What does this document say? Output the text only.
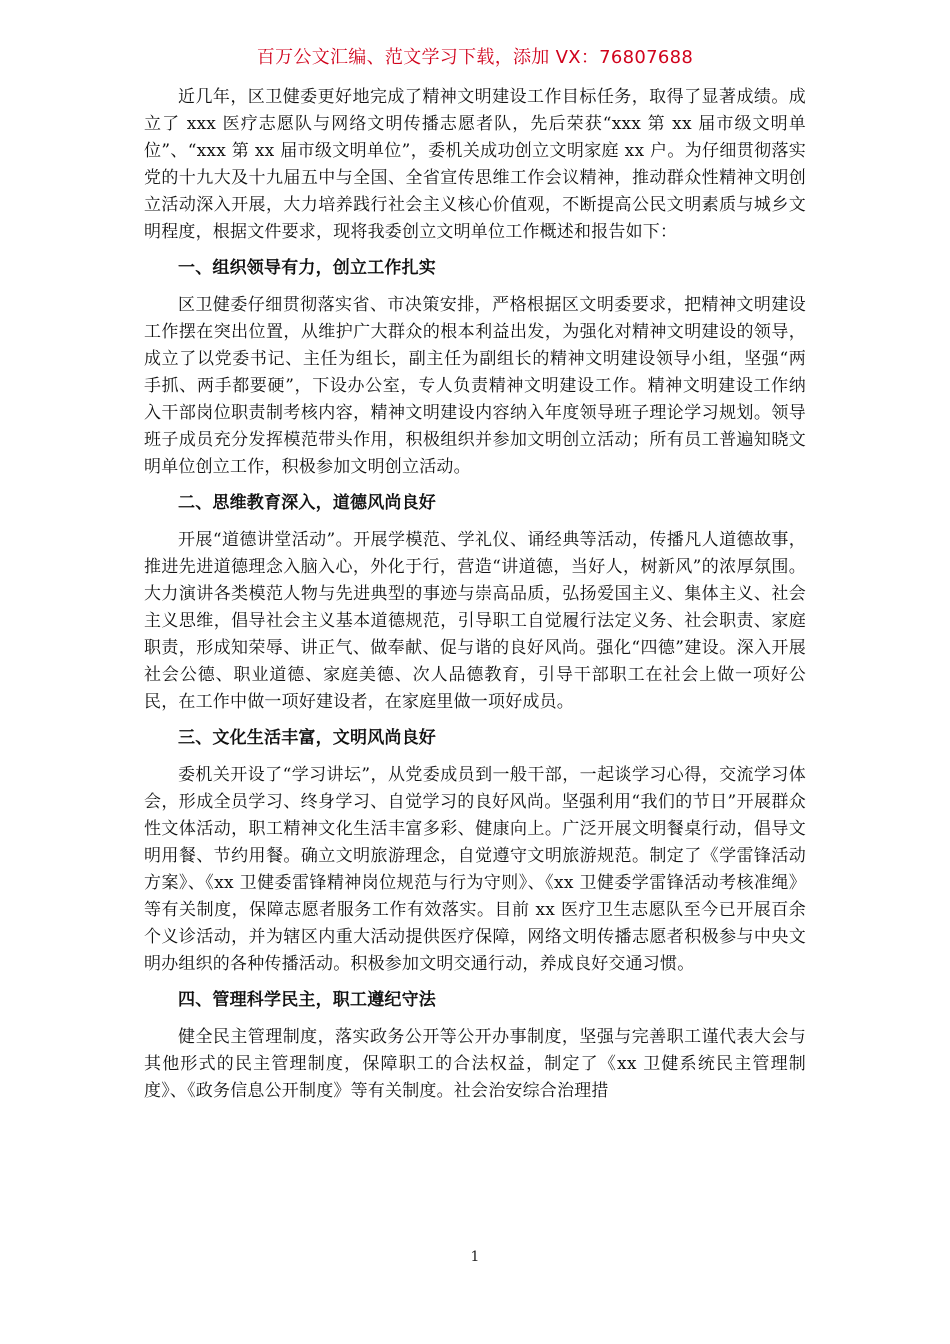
百万公文汇编、范文学习下载，添加 VX：76807688

近几年，区卫健委更好地完成了精神文明建设工作目标任务，取得了显著成绩。成立了 xxx 医疗志愿队与网络文明传播志愿者队，先后荣获“xxx 第 xx 届市级文明单位”、“xxx 第 xx 届市级文明单位”，委机关成功创立文明家庭 xx 户。为仔细贯彻落实党的十九大及十九届五中与全国、全省宣传思维工作会议精神，推动群众性精神文明创立活动深入开展，大力培养践行社会主义核心价值观，不断提高公民文明素质与城乡文明程度，根据文件要求，现将我委创立文明单位工作概述和报告如下：

一、组织领导有力，创立工作扎实

区卫健委仔细贯彻落实省、市决策安排，严格根据区文明委要求，把精神文明建设工作摆在突出位置，从维护广大群众的根本利益出发，为强化对精神文明建设的领导，成立了以党委书记、主任为组长，副主任为副组长的精神文明建设领导小组，坚强“两手抓、两手都要硬”，下设办公室，专人负责精神文明建设工作。精神文明建设工作纳入干部岗位职责制考核内容，精神文明建设内容纳入年度领导班子理论学习规划。领导班子成员充分发挥模范带头作用，积极组织并参加文明创立活动；所有员工普遍知晓文明单位创立工作，积极参加文明创立活动。

二、思维教育深入，道德风尚良好

开展“道德讲堂活动”。开展学模范、学礼仪、诵经典等活动，传播凡人道德故事，推进先进道德理念入脑入心，外化于行，营造“讲道德，当好人，树新风”的浓厚氛围。大力演讲各类模范人物与先进典型的事迹与崇高品质，弘扬爱国主义、集体主义、社会主义思维，倡导社会主义基本道德规范，引导职工自觉履行法定义务、社会职责、家庭职责，形成知荣辱、讲正气、做奉献、促与谐的良好风尚。强化“四德”建设。深入开展社会公德、职业道德、家庭美德、次人品德教育，引导干部职工在社会上做一项好公民，在工作中做一项好建设者，在家庭里做一项好成员。

三、文化生活丰富，文明风尚良好

委机关开设了“学习讲坛”，从党委成员到一般干部，一起谈学习心得，交流学习体会，形成全员学习、终身学习、自觉学习的良好风尚。坚强利用“我们的节日”开展群众性文体活动，职工精神文化生活丰富多彩、健康向上。广泛开展文明餐桌行动，倡导文明用餐、节约用餐。确立文明旅游理念，自觉遵守文明旅游规范。制定了《学雷锋活动方案》、《xx 卫健委雷锋精神岗位规范与行为守则》、《xx 卫健委学雷锋活动考核准绳》等有关制度，保障志愿者服务工作有效落实。目前 xx 医疗卫生志愿队至今已开展百余个义诊活动，并为辖区内重大活动提供医疗保障，网络文明传播志愿者积极参与中央文明办组织的各种传播活动。积极参加文明交通行动，养成良好交通习惯。

四、管理科学民主，职工遵纪守法

健全民主管理制度，落实政务公开等公开办事制度，坚强与完善职工谨代表大会与其他形式的民主管理制度，保障职工的合法权益，制定了《xx 卫健系统民主管理制度》、《政务信息公开制度》等有关制度。社会治安综合治理措

1
